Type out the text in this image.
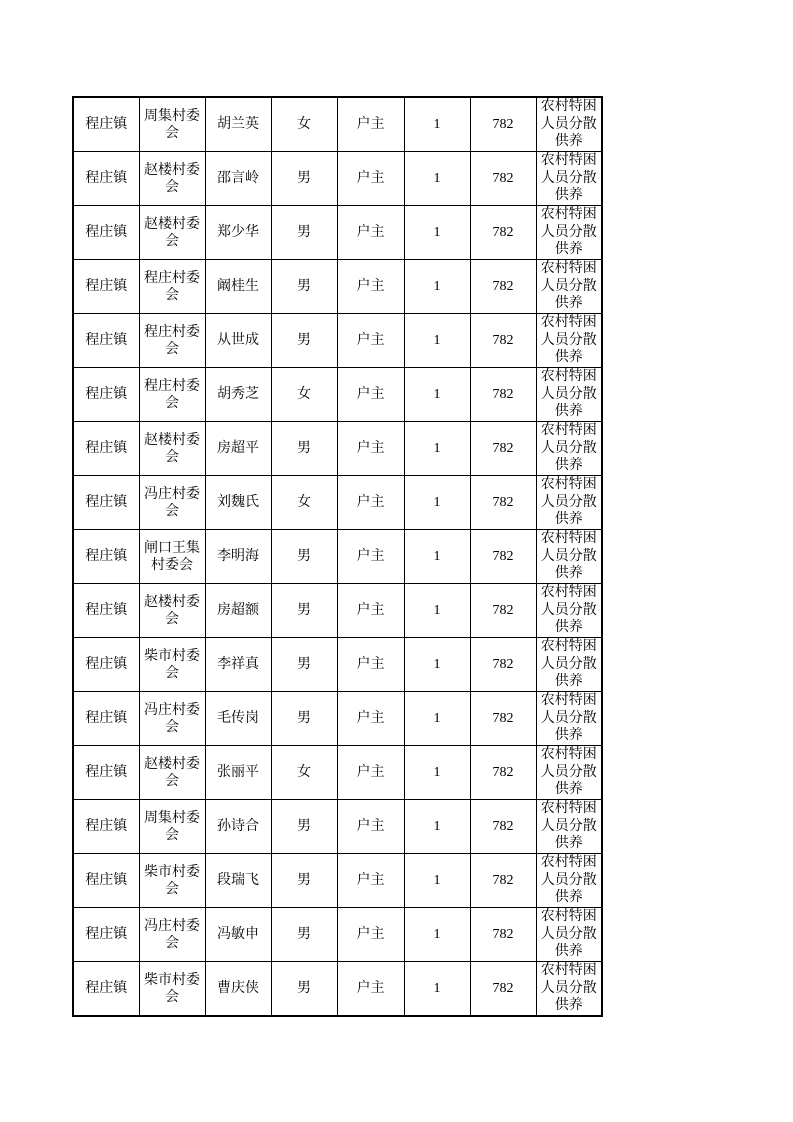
程庄镇	周集村委会	胡兰英	女	户主	1	782	农村特困人员分散供养
程庄镇	赵楼村委会	邵言岭	男	户主	1	782	农村特困人员分散供养
程庄镇	赵楼村委会	郑少华	男	户主	1	782	农村特困人员分散供养
程庄镇	程庄村委会	阚桂生	男	户主	1	782	农村特困人员分散供养
程庄镇	程庄村委会	从世成	男	户主	1	782	农村特困人员分散供养
程庄镇	程庄村委会	胡秀芝	女	户主	1	782	农村特困人员分散供养
程庄镇	赵楼村委会	房超平	男	户主	1	782	农村特困人员分散供养
程庄镇	冯庄村委会	刘魏氏	女	户主	1	782	农村特困人员分散供养
程庄镇	闸口王集村委会	李明海	男	户主	1	782	农村特困人员分散供养
程庄镇	赵楼村委会	房超额	男	户主	1	782	农村特困人员分散供养
程庄镇	柴市村委会	李祥真	男	户主	1	782	农村特困人员分散供养
程庄镇	冯庄村委会	毛传岗	男	户主	1	782	农村特困人员分散供养
程庄镇	赵楼村委会	张丽平	女	户主	1	782	农村特困人员分散供养
程庄镇	周集村委会	孙诗合	男	户主	1	782	农村特困人员分散供养
程庄镇	柴市村委会	段瑞飞	男	户主	1	782	农村特困人员分散供养
程庄镇	冯庄村委会	冯敏申	男	户主	1	782	农村特困人员分散供养
程庄镇	柴市村委会	曹庆侠	男	户主	1	782	农村特困人员分散供养
